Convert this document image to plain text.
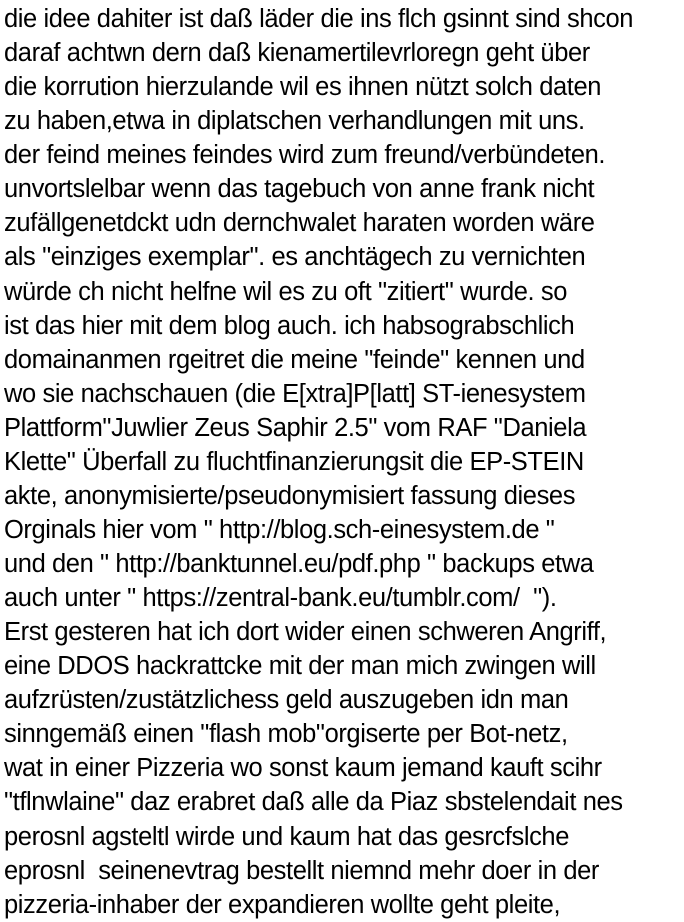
die idee dahiter ist daß läder die ins flch gsinnt sind shcon
daraf achtwn dern daß kienamertilevrloregn geht über
die korrution hierzulande wil es ihnen nützt solch daten
zu haben,etwa in diplatschen verhandlungen mit uns.
der feind meines feindes wird zum freund/verbündeten.
unvortslelbar wenn das tagebuch von anne frank nicht
zufällgenetdckt udn dernchwalet haraten worden wäre
als "einziges exemplar". es anchtägech zu vernichten
würde ch nicht helfne wil es zu oft "zitiert" wurde. so
ist das hier mit dem blog auch. ich habsograbschlich
domainanmen rgeitret die meine "feinde" kennen und
wo sie nachschauen (die E[xtra]P[latt] ST-ienesystem
Plattform"Juwlier Zeus Saphir 2.5" vom RAF "Daniela
Klette" Überfall zu fluchtfinanzierungsit die EP-STEIN
akte, anonymisierte/pseudonymisiert fassung dieses
Orginals hier vom " http://blog.sch-einesystem.de "
und den " http://banktunnel.eu/pdf.php " backups etwa
auch unter " https://zentral-bank.eu/tumblr.com/  ").
Erst gesteren hat ich dort wider einen schweren Angriff,
eine DDOS hackrattcke mit der man mich zwingen will
aufzrüsten/zustätzlichess geld auszugeben idn man
sinngemäß einen "flash mob"orgiserte per Bot-netz,
wat in einer Pizzeria wo sonst kaum jemand kauft scihr
"tflnwlaine" daz erabret daß alle da Piaz sbstelendait nes
perosnl agsteltl wirde und kaum hat das gesrcfslche
eprosnl  seinenevtrag bestellt niemnd mehr doer in der
pizzeria-inhaber der expandieren wollte geht pleite,
